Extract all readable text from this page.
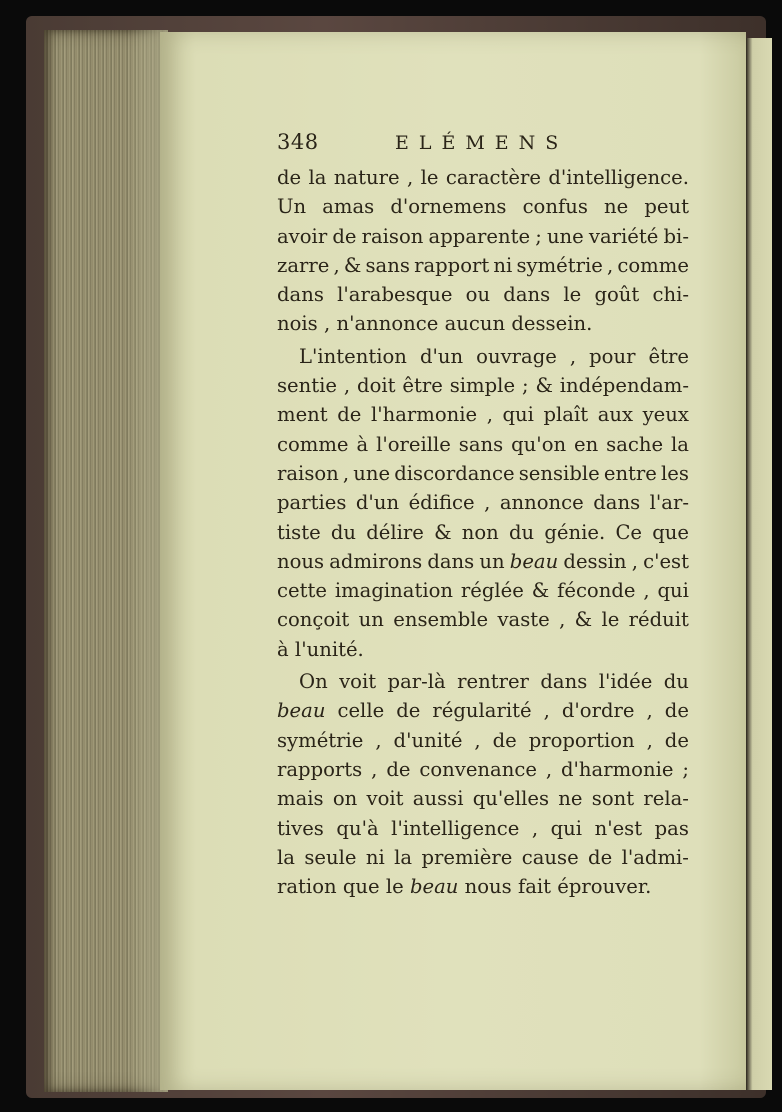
348	ELÉMENS
de la nature , le caractère d'intelligence.
Un amas d'ornemens confus ne peut
avoir de raison apparente ; une variété bi-
zarre , & sans rapport ni symétrie , comme
dans l'arabesque ou dans le goût chi-
nois
,
n'annonce
aucun
dessein.
L'intention d'un ouvrage , pour être
sentie , doit être simple ; & indépendam-
ment de l'harmonie , qui plaît aux yeux
comme à l'oreille sans qu'on en sache la
raison , une discordance sensible entre les
parties d'un édifice , annonce dans l'ar-
tiste du délire & non du génie. Ce que
nous admirons dans un beau dessin , c'est
cette imagination réglée & féconde , qui
conçoit un ensemble vaste , & le réduit
à
l'unité.
On voit par-là rentrer dans l'idée du
beau celle de régularité , d'ordre , de
symétrie , d'unité , de proportion , de
rapports , de convenance , d'harmonie ;
mais on voit aussi qu'elles ne sont rela-
tives qu'à l'intelligence , qui n'est pas
la seule ni la première cause de l'admi-
ration
que
le
beau
nous
fait
éprouver.
